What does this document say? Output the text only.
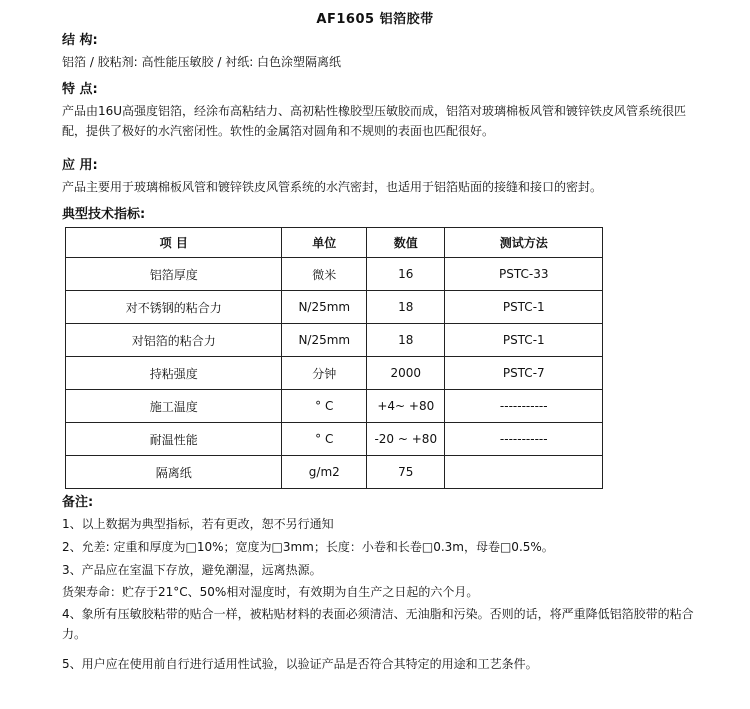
AF1605 铝箔胶带
结 构:
铝箔 / 胶粘剂: 高性能压敏胶 / 衬纸: 白色涂塑隔离纸
特 点:
产品由16U高强度铝箔，经涂布高粘结力、高初粘性橡胶型压敏胶而成，铝箔对玻璃棉板风管和镀锌铁皮风管系统很匹配，提供了极好的水汽密闭性。软性的金属箔对圆角和不规则的表面也匹配很好。
应 用:
产品主要用于玻璃棉板风管和镀锌铁皮风管系统的水汽密封，也适用于铝箔贴面的接缝和接口的密封。
典型技术指标:
项 目	单位	数值	测试方法
铝箔厚度	微米	16	PSTC-33
对不锈钢的粘合力	N/25mm	18	PSTC-1
对铝箔的粘合力	N/25mm	18	PSTC-1
持粘强度	分钟	2000	PSTC-7
施工温度	° C	+4~ +80	-----------
耐温性能	° C	-20 ~ +80	-----------
隔离纸	g/m2	75	
备注:
1、以上数据为典型指标，若有更改，恕不另行通知
2、允差: 定重和厚度为□10%；宽度为□3mm；长度：小卷和长卷□0.3m，母卷□0.5%。
3、产品应在室温下存放，避免潮湿，远离热源。
货架寿命：贮存于21°C、50%相对湿度时，有效期为自生产之日起的六个月。
4、象所有压敏胶粘带的贴合一样，被粘贴材料的表面必须清洁、无油脂和污染。否则的话，将严重降低铝箔胶带的粘合力。
5、用户应在使用前自行进行适用性试验，以验证产品是否符合其特定的用途和工艺条件。
